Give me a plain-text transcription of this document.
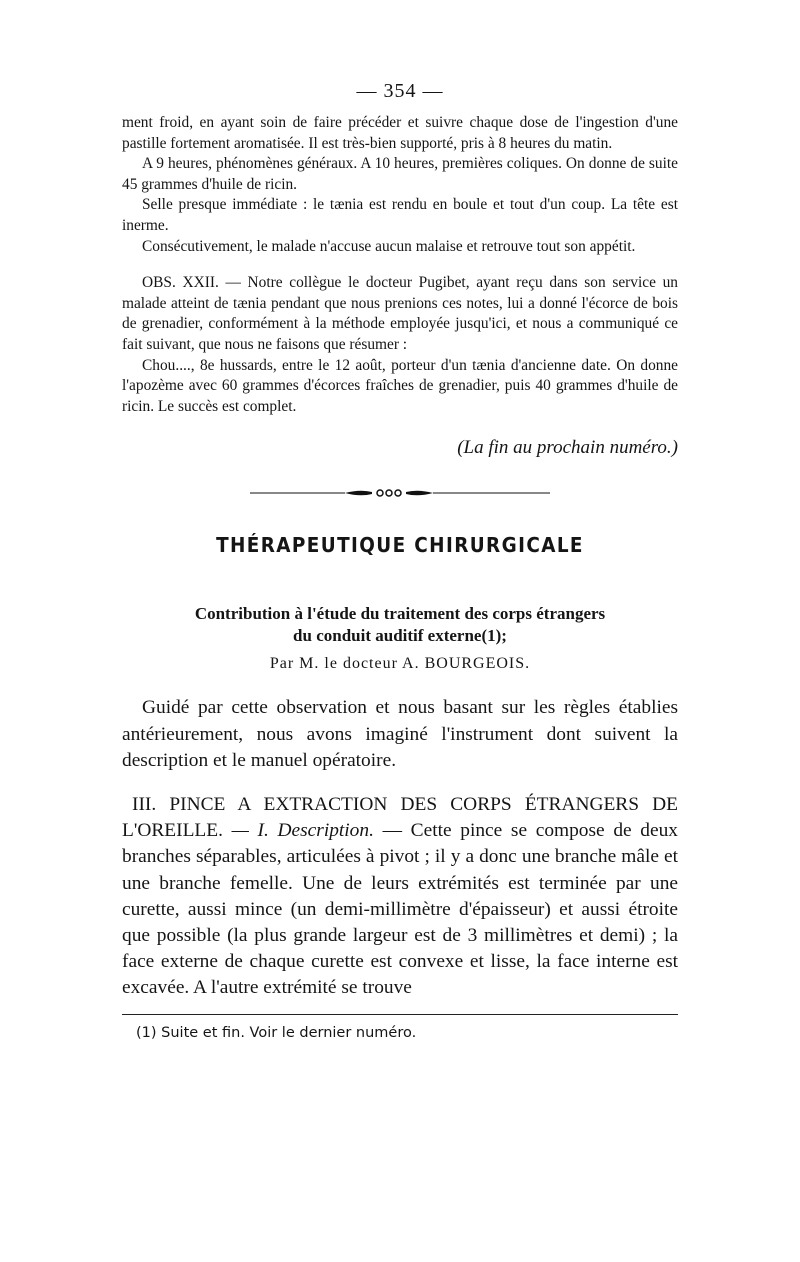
— 354 —

ment froid, en ayant soin de faire précéder et suivre chaque dose de l'ingestion d'une pastille fortement aromatisée. Il est très-bien supporté, pris à 8 heures du matin.

A 9 heures, phénomènes généraux. A 10 heures, premières coliques. On donne de suite 45 grammes d'huile de ricin.

Selle presque immédiate : le tænia est rendu en boule et tout d'un coup. La tête est inerme.

Consécutivement, le malade n'accuse aucun malaise et retrouve tout son appétit.

OBS. XXII. — Notre collègue le docteur Pugibet, ayant reçu dans son service un malade atteint de tænia pendant que nous prenions ces notes, lui a donné l'écorce de bois de grenadier, conformément à la méthode employée jusqu'ici, et nous a communiqué ce fait suivant, que nous ne faisons que résumer :

Chou...., 8e hussards, entre le 12 août, porteur d'un tænia d'ancienne date. On donne l'apozème avec 60 grammes d'écorces fraîches de grenadier, puis 40 grammes d'huile de ricin. Le succès est complet.

(La fin au prochain numéro.)

THÉRAPEUTIQUE CHIRURGICALE
Contribution à l'étude du traitement des corps étrangers
du conduit auditif externe(1);
Par M. le docteur A. BOURGEOIS.

Guidé par cette observation et nous basant sur les règles établies antérieurement, nous avons imaginé l'instrument dont suivent la description et le manuel opératoire.

III. PINCE A EXTRACTION DES CORPS ÉTRANGERS DE L'OREILLE. — I. Description. — Cette pince se compose de deux branches séparables, articulées à pivot ; il y a donc une branche mâle et une branche femelle. Une de leurs extrémités est terminée par une curette, aussi mince (un demi-millimètre d'épaisseur) et aussi étroite que possible (la plus grande largeur est de 3 millimètres et demi) ; la face externe de chaque curette est convexe et lisse, la face interne est excavée. A l'autre extrémité se trouve

(1) Suite et fin. Voir le dernier numéro.
